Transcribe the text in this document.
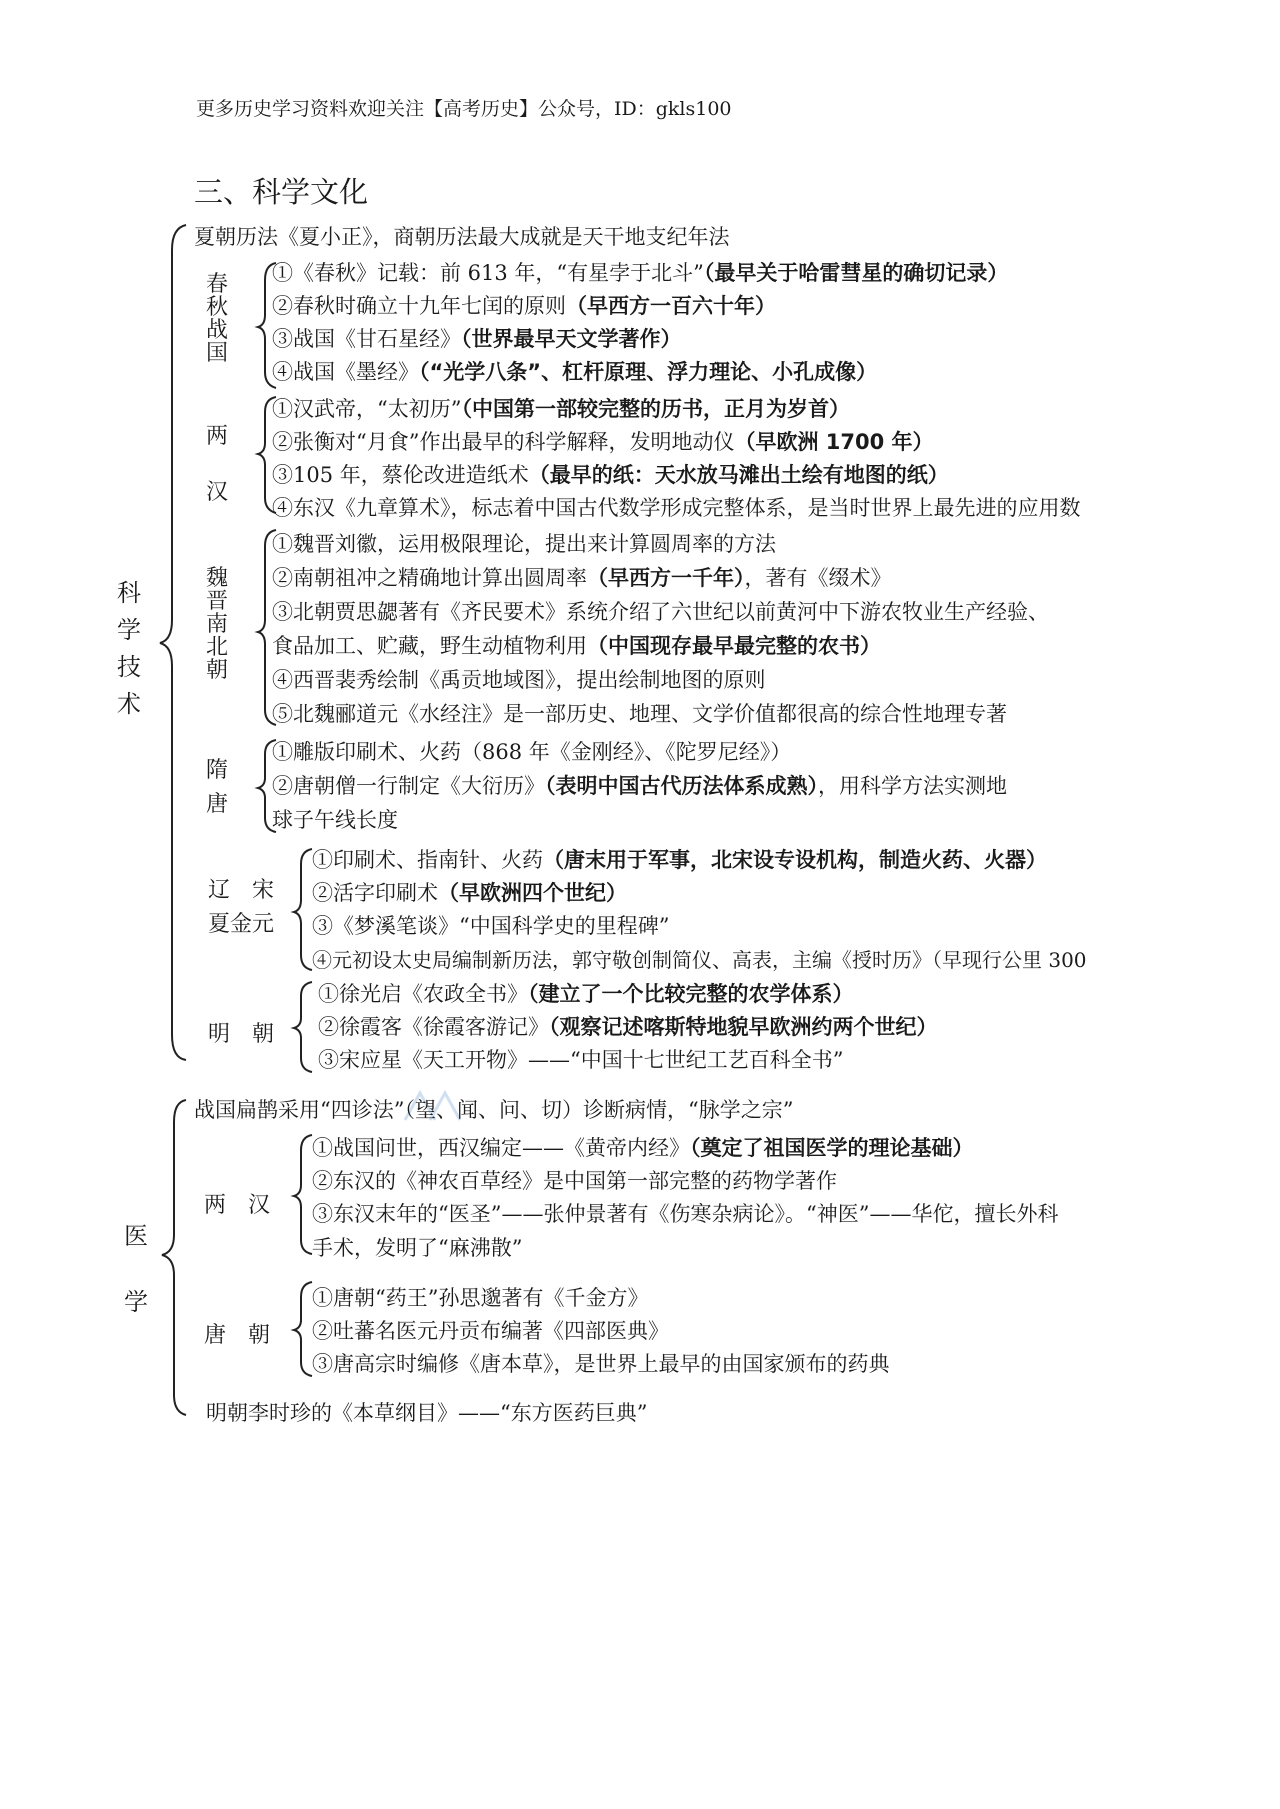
更多历史学习资料欢迎关注【高考历史】公众号，ID：gkls100
三、科学文化
科学技术
夏朝历法《夏小正》，商朝历法最大成就是天干地支纪年法
春秋战国
①《春秋》记载：前 613 年，“有星孛于北斗”（最早关于哈雷彗星的确切记录）
②春秋时确立十九年七闰的原则（早西方一百六十年）
③战国《甘石星经》（世界最早天文学著作）
④战国《墨经》（“光学八条”、杠杆原理、浮力理论、小孔成像）
两
汉
①汉武帝，“太初历”（中国第一部较完整的历书，正月为岁首）
②张衡对“月食”作出最早的科学解释，发明地动仪（早欧洲 1700 年）
③105 年，蔡伦改进造纸术（最早的纸：天水放马滩出土绘有地图的纸）
④东汉《九章算术》，标志着中国古代数学形成完整体系，是当时世界上最先进的应用数
魏晋南北朝
①魏晋刘徽，运用极限理论，提出来计算圆周率的方法
②南朝祖冲之精确地计算出圆周率（早西方一千年），著有《缀术》
③北朝贾思勰著有《齐民要术》系统介绍了六世纪以前黄河中下游农牧业生产经验、
食品加工、贮藏，野生动植物利用（中国现存最早最完整的农书）
④西晋裴秀绘制《禹贡地域图》，提出绘制地图的原则
⑤北魏郦道元《水经注》是一部历史、地理、文学价值都很高的综合性地理专著
隋
唐
①雕版印刷术、火药（868 年《金刚经》、《陀罗尼经》）
②唐朝僧一行制定《大衍历》（表明中国古代历法体系成熟），用科学方法实测地
球子午线长度
辽　宋
夏金元
①印刷术、指南针、火药（唐末用于军事，北宋设专设机构，制造火药、火器）
②活字印刷术（早欧洲四个世纪）
③《梦溪笔谈》“中国科学史的里程碑”
④元初设太史局编制新历法，郭守敬创制简仪、高表，主编《授时历》（早现行公里 300
明　朝
①徐光启《农政全书》（建立了一个比较完整的农学体系）
②徐霞客《徐霞客游记》（观察记述喀斯特地貌早欧洲约两个世纪）
③宋应星《天工开物》——“中国十七世纪工艺百科全书”
医
学
战国扁鹊采用“四诊法”（望、闻、问、切）诊断病情，“脉学之宗”
两　汉
①战国问世，西汉编定——《黄帝内经》（奠定了祖国医学的理论基础）
②东汉的《神农百草经》是中国第一部完整的药物学著作
③东汉末年的“医圣”——张仲景著有《伤寒杂病论》。“神医”——华佗，擅长外科
手术，发明了“麻沸散”
唐　朝
①唐朝“药王”孙思邈著有《千金方》
②吐蕃名医元丹贡布编著《四部医典》
③唐高宗时编修《唐本草》，是世界上最早的由国家颁布的药典
明朝李时珍的《本草纲目》——“东方医药巨典”
